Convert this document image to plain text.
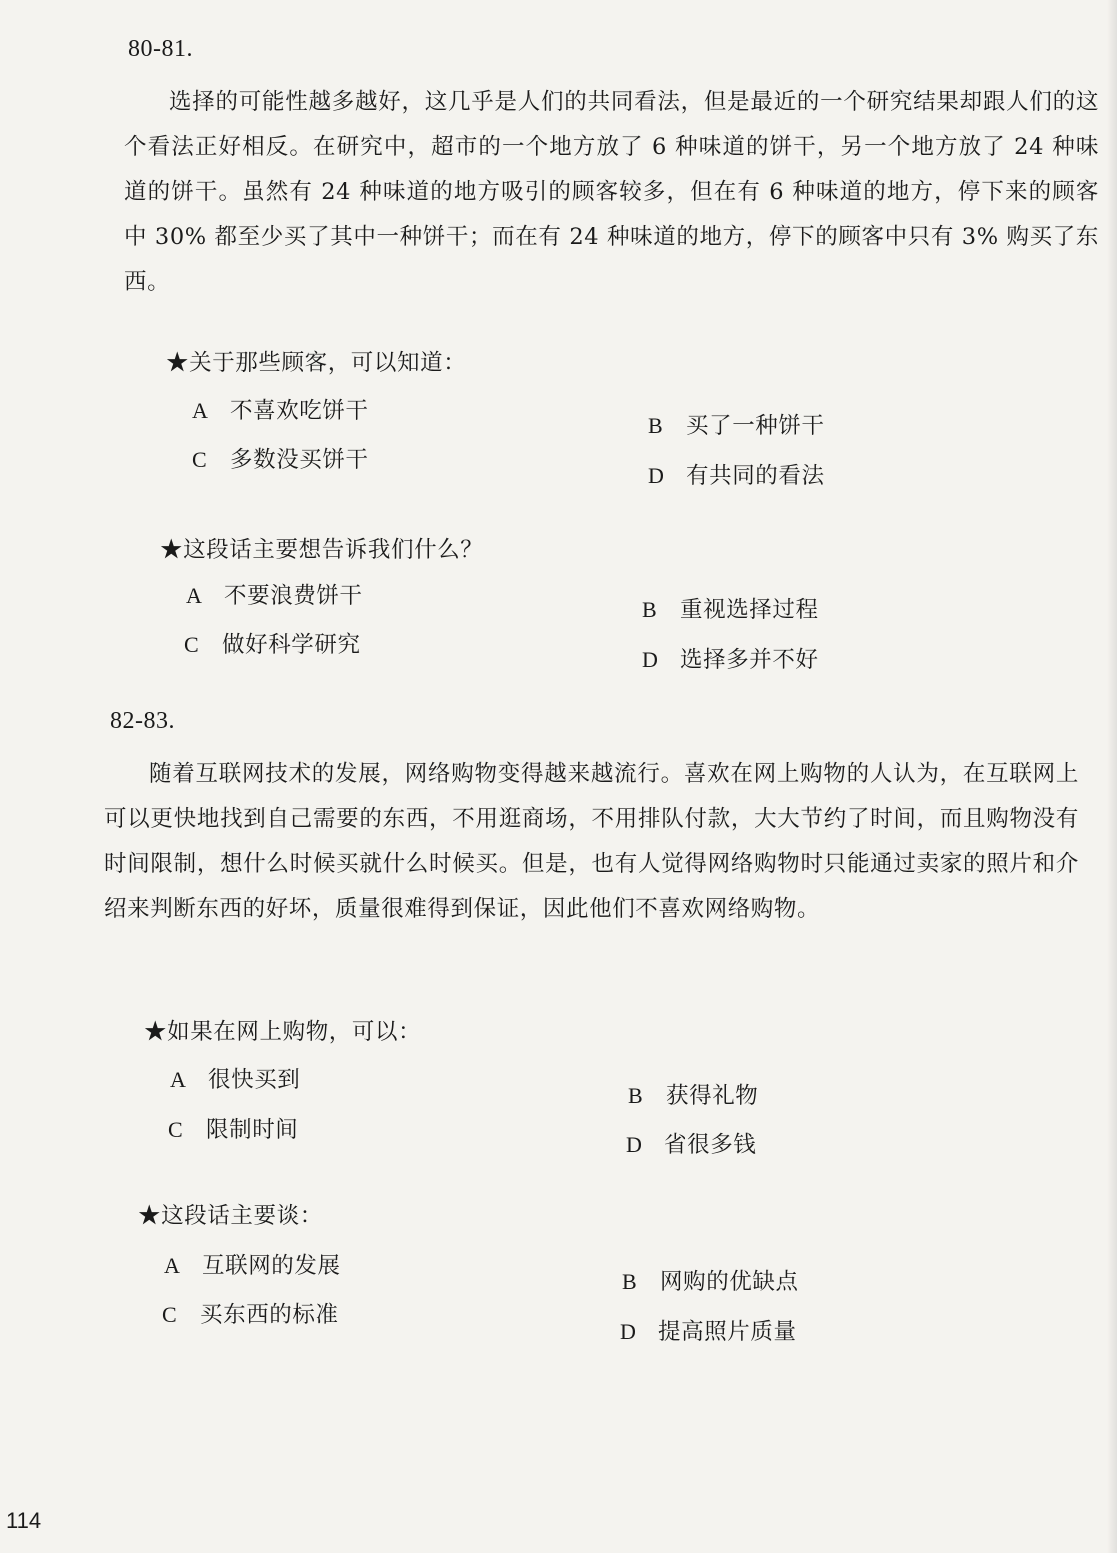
80-81.

选择的可能性越多越好，这几乎是人们的共同看法，但是最近的一个研究结果却跟人们的这个看法正好相反。在研究中，超市的一个地方放了 6 种味道的饼干，另一个地方放了 24 种味道的饼干。虽然有 24 种味道的地方吸引的顾客较多，但在有 6 种味道的地方，停下来的顾客中 30% 都至少买了其中一种饼干；而在有 24 种味道的地方，停下的顾客中只有 3% 购买了东西。

★关于那些顾客，可以知道：
A 不喜欢吃饼干
B 买了一种饼干
C 多数没买饼干
D 有共同的看法
★这段话主要想告诉我们什么？
A 不要浪费饼干
B 重视选择过程
C 做好科学研究
D 选择多并不好
82-83.

随着互联网技术的发展，网络购物变得越来越流行。喜欢在网上购物的人认为，在互联网上可以更快地找到自己需要的东西，不用逛商场，不用排队付款，大大节约了时间，而且购物没有时间限制，想什么时候买就什么时候买。但是，也有人觉得网络购物时只能通过卖家的照片和介绍来判断东西的好坏，质量很难得到保证，因此他们不喜欢网络购物。

★如果在网上购物，可以：
A 很快买到
B 获得礼物
C 限制时间
D 省很多钱
★这段话主要谈：
A 互联网的发展
B 网购的优缺点
C 买东西的标准
D 提高照片质量
114
